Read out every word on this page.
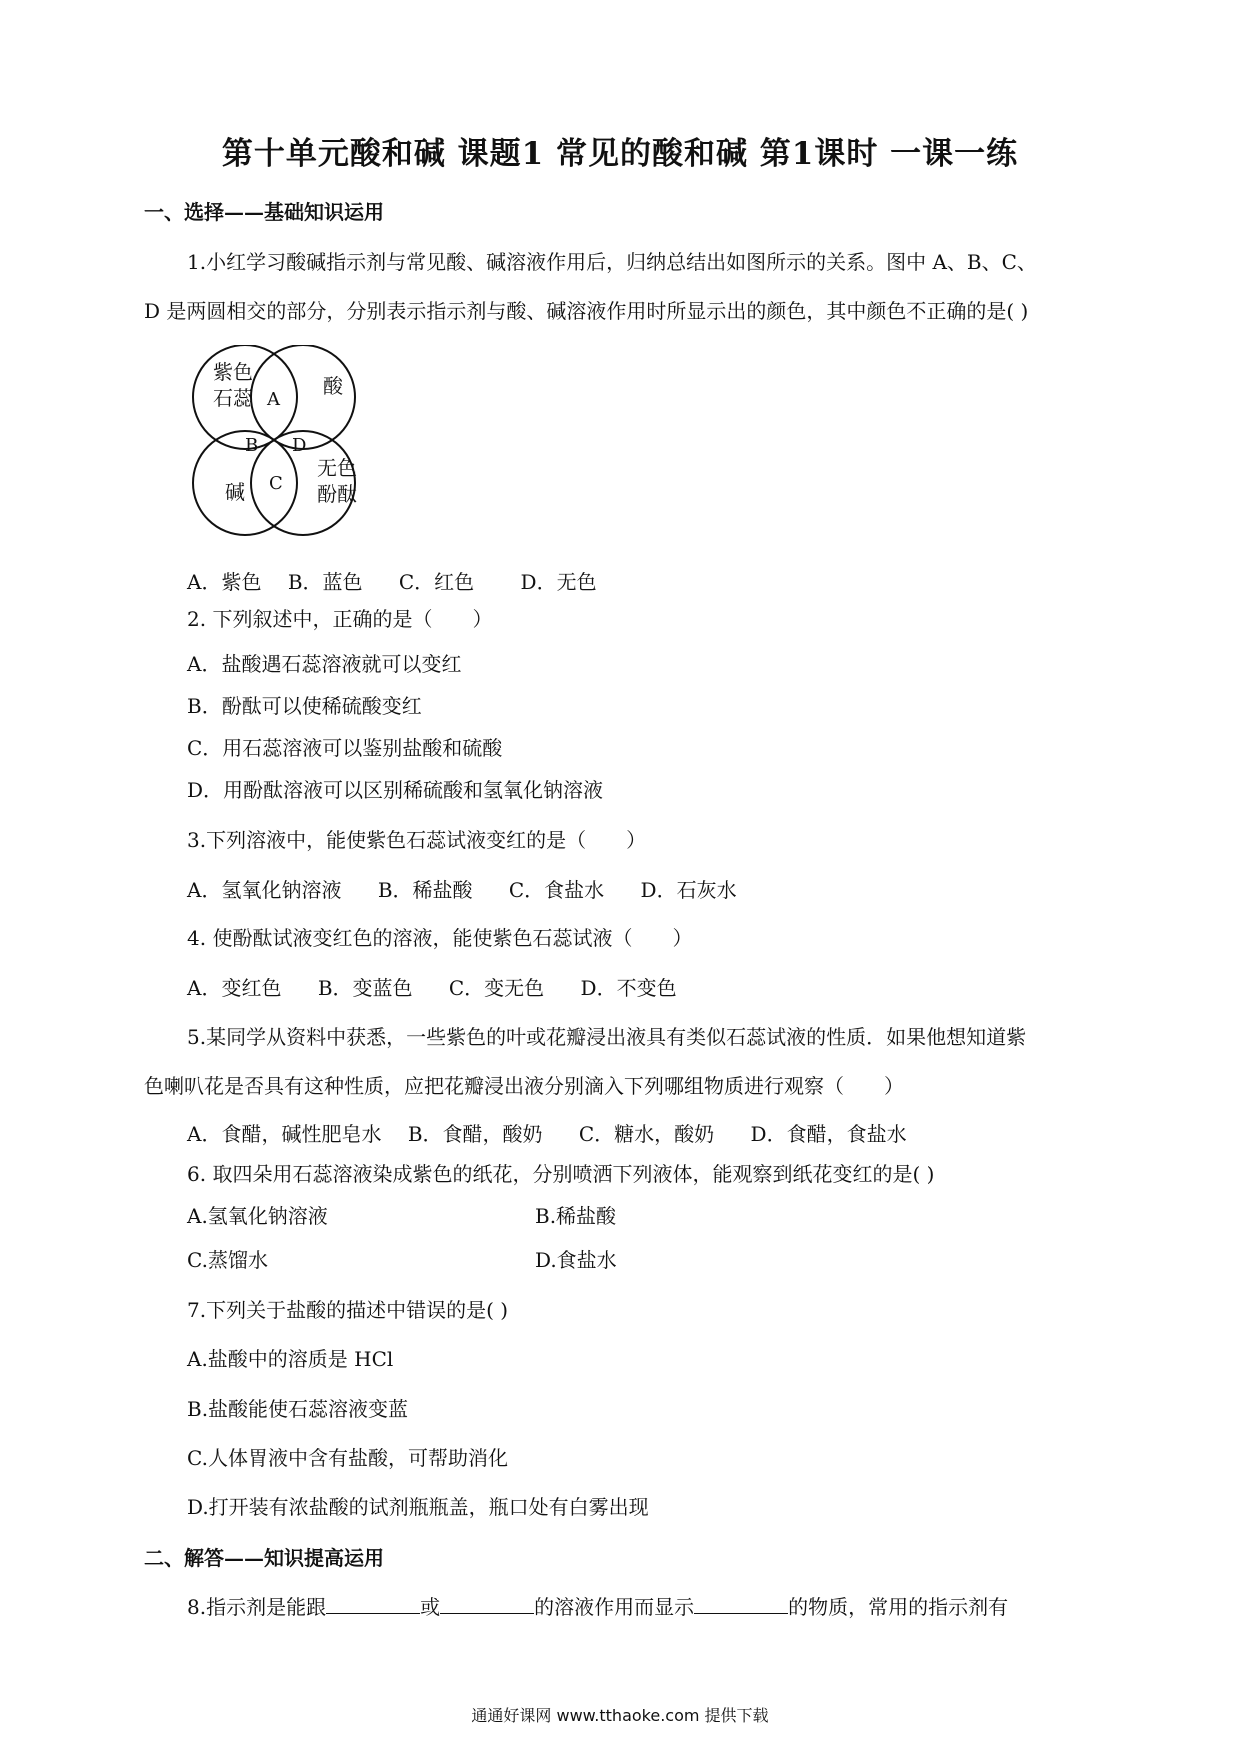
第十单元酸和碱 课题1 常见的酸和碱 第1课时 一课一练
一、选择——基础知识运用
1.小红学习酸碱指示剂与常见酸、碱溶液作用后，归纳总结出如图所示的关系。图中 A、B、C、
D 是两圆相交的部分，分别表示指示剂与酸、碱溶液作用时所显示出的颜色，其中颜色不正确的是( )
紫色
石蕊	酸
碱
无色
酚酞
A
B D
C
A．紫色 B．蓝色 C．红色 D．无色
2. 下列叙述中，正确的是（　　）
A．盐酸遇石蕊溶液就可以变红
B．酚酞可以使稀硫酸变红
C．用石蕊溶液可以鉴别盐酸和硫酸
D．用酚酞溶液可以区别稀硫酸和氢氧化钠溶液
3.下列溶液中，能使紫色石蕊试液变红的是（　　）
A．氢氧化钠溶液 B．稀盐酸 C．食盐水 D．石灰水
4. 使酚酞试液变红色的溶液，能使紫色石蕊试液（　　）
A．变红色 B．变蓝色 C．变无色 D．不变色
5.某同学从资料中获悉，一些紫色的叶或花瓣浸出液具有类似石蕊试液的性质．如果他想知道紫
色喇叭花是否具有这种性质，应把花瓣浸出液分别滴入下列哪组物质进行观察（　　）
A．食醋，碱性肥皂水 B．食醋，酸奶 C．糖水，酸奶 D．食醋，食盐水
6. 取四朵用石蕊溶液染成紫色的纸花，分别喷洒下列液体，能观察到纸花变红的是( )
A.氢氧化钠溶液	B.稀盐酸
C.蒸馏水	D.食盐水
7.下列关于盐酸的描述中错误的是( )
A.盐酸中的溶质是 HCl
B.盐酸能使石蕊溶液变蓝
C.人体胃液中含有盐酸，可帮助消化
D.打开装有浓盐酸的试剂瓶瓶盖，瓶口处有白雾出现
二、解答——知识提高运用
8.指示剂是能跟	或	的溶液作用而显示	的物质，常用的指示剂有
通通好课网 www.tthaoke.com 提供下载
